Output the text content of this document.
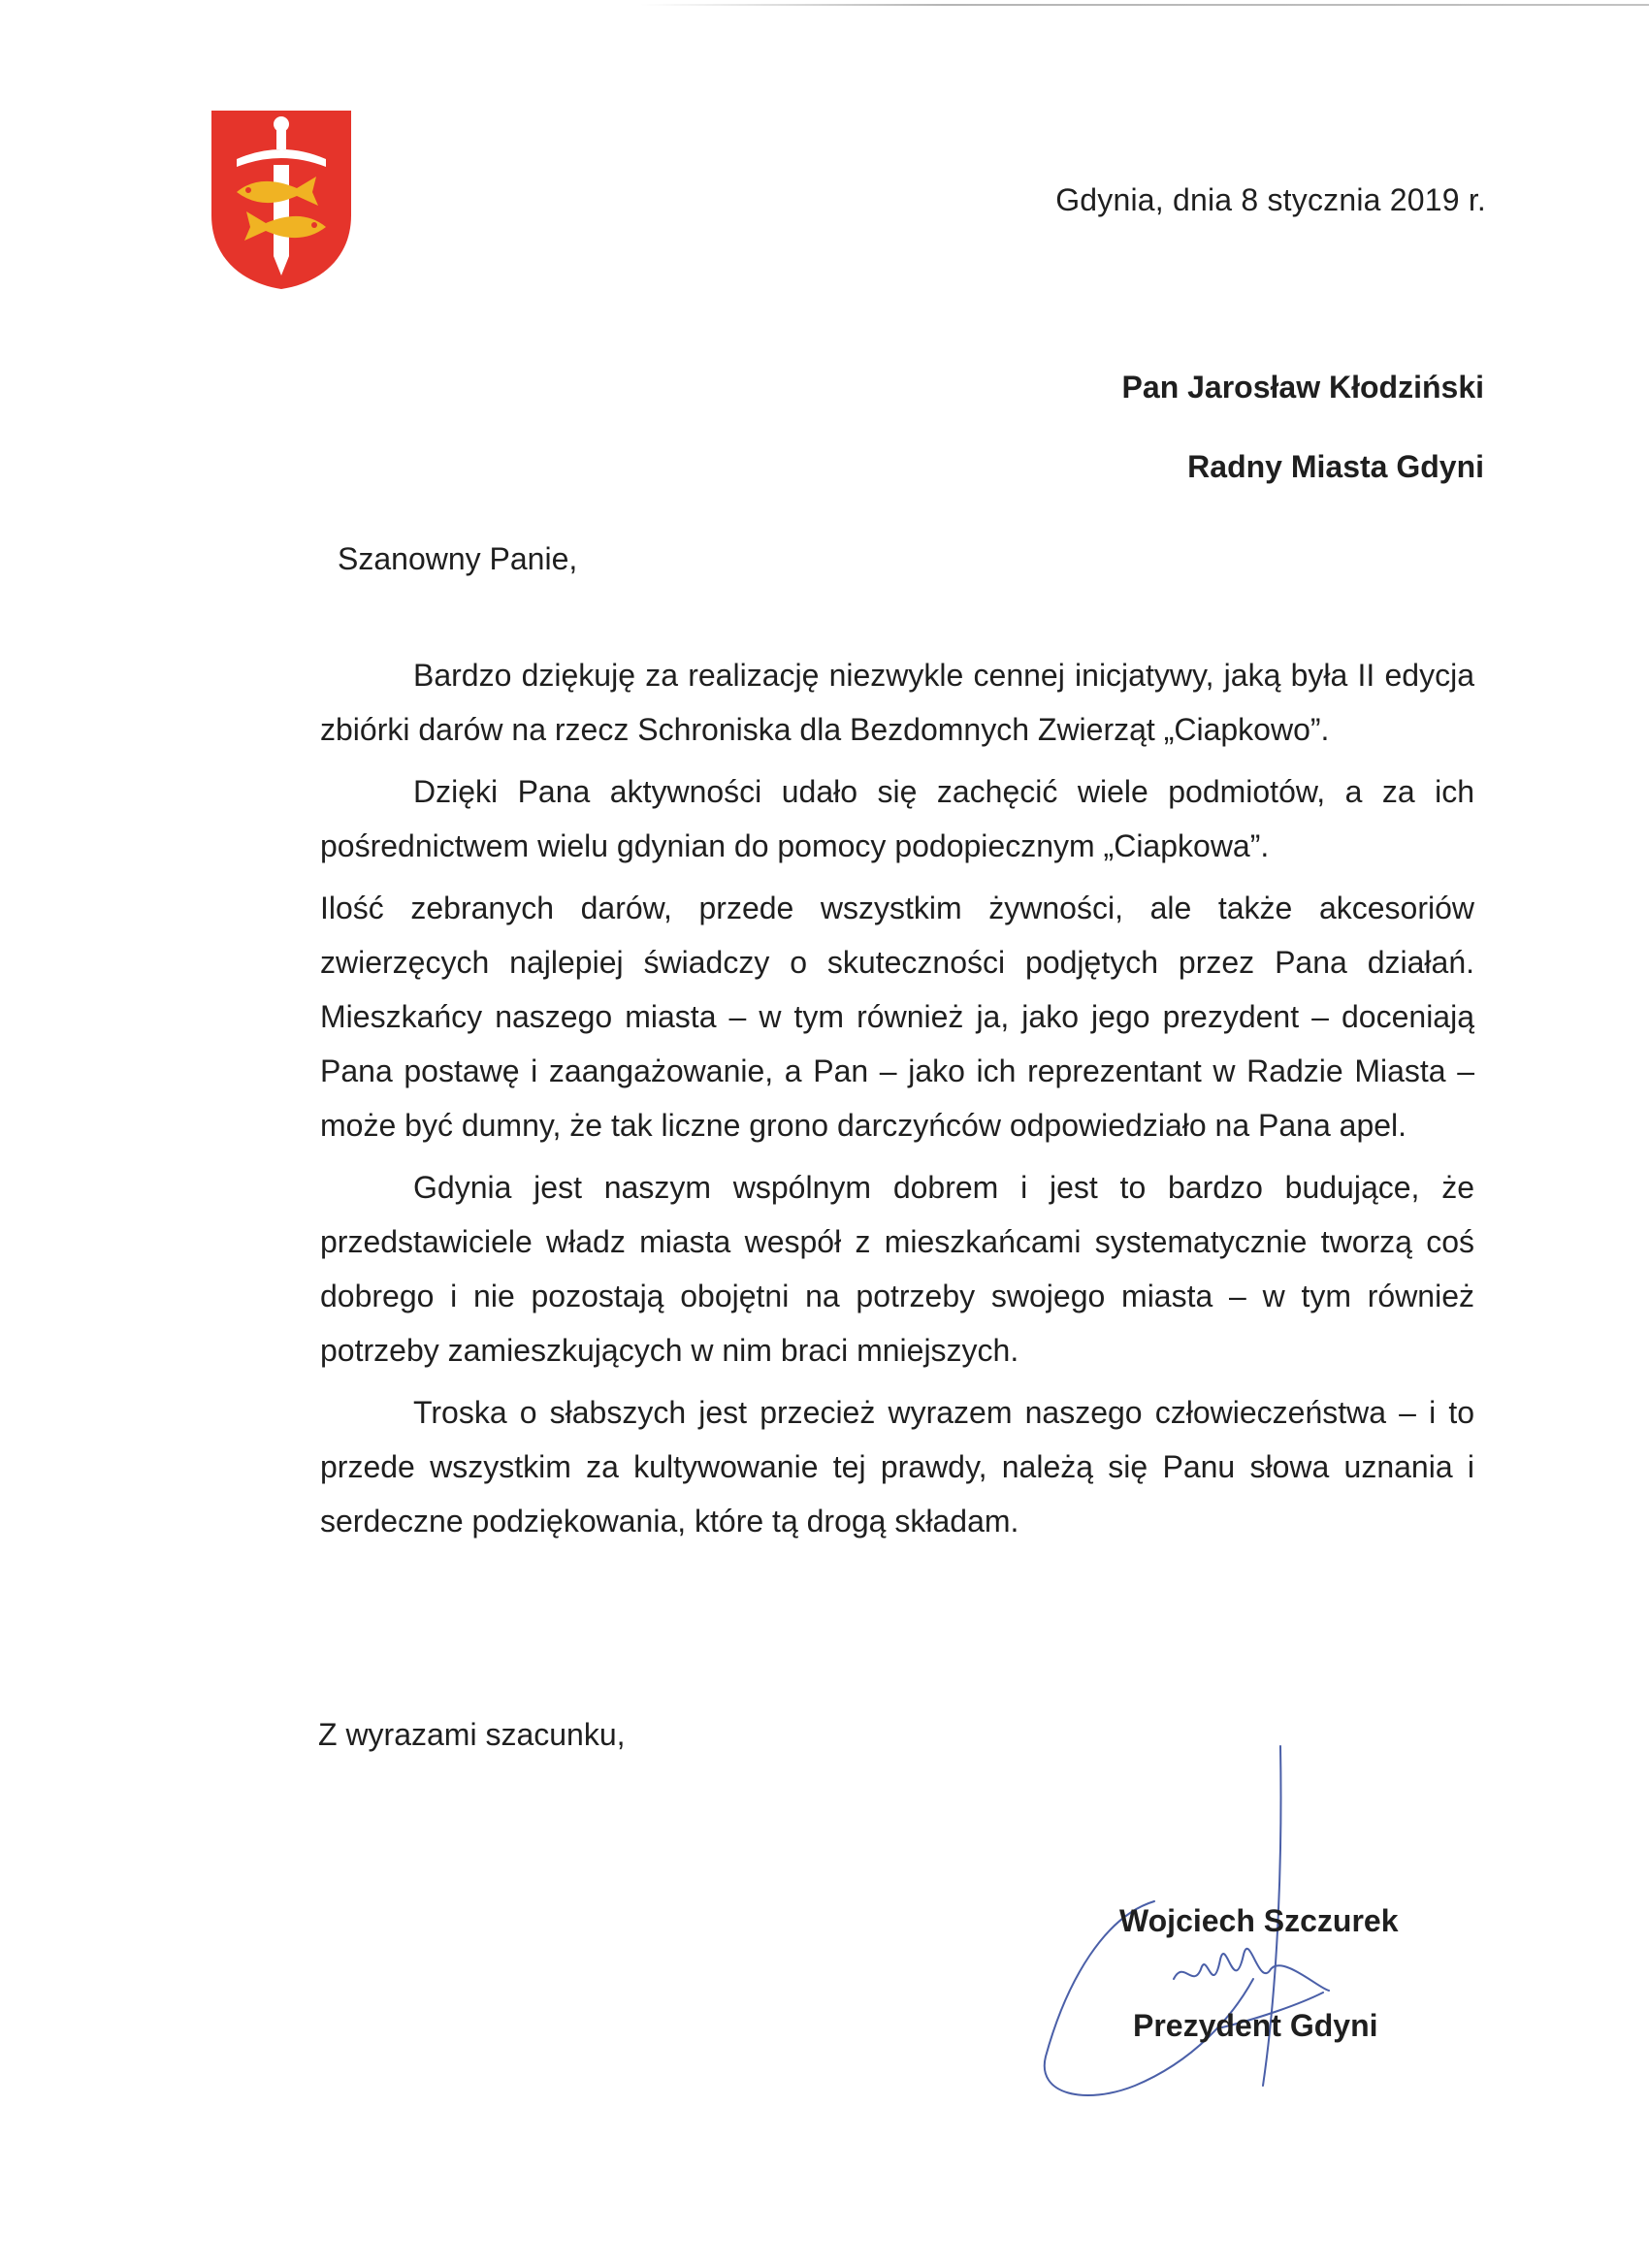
Gdynia, dnia 8 stycznia 2019 r.
Pan Jarosław Kłodziński
Radny Miasta Gdyni
Szanowny Panie,

Bardzo dziękuję za realizację niezwykle cennej inicjatywy, jaką była II edycja zbiórki darów na rzecz Schroniska dla Bezdomnych Zwierząt „Ciapkowo”.

Dzięki Pana aktywności udało się zachęcić wiele podmiotów, a za ich pośrednictwem wielu gdynian do pomocy podopiecznym „Ciapkowa”.

Ilość zebranych darów, przede wszystkim żywności, ale także akcesoriów zwierzęcych najlepiej świadczy o skuteczności podjętych przez Pana działań. Mieszkańcy naszego miasta – w tym również ja, jako jego prezydent – doceniają Pana postawę i zaangażowanie, a Pan – jako ich reprezentant w Radzie Miasta – może być dumny, że tak liczne grono darczyńców odpowiedziało na Pana apel.

Gdynia jest naszym wspólnym dobrem i jest to bardzo budujące, że przedstawiciele władz miasta wespół z mieszkańcami systematycznie tworzą coś dobrego i nie pozostają obojętni na potrzeby swojego miasta – w tym również potrzeby zamieszkujących w nim braci mniejszych.

Troska o słabszych jest przecież wyrazem naszego człowieczeństwa – i to przede wszystkim za kultywowanie tej prawdy, należą się Panu słowa uznania i serdeczne podziękowania, które tą drogą składam.

Z wyrazami szacunku,
Wojciech Szczurek
Prezydent Gdyni
